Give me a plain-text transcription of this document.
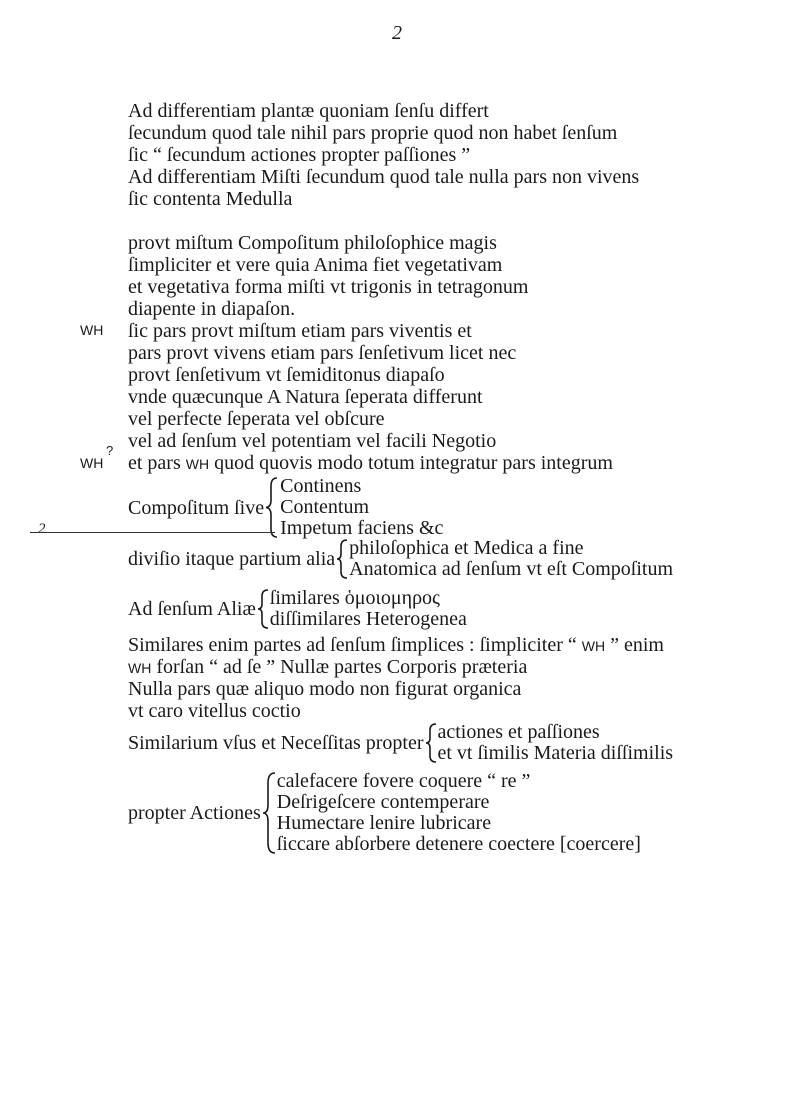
2
Ad differentiam plantæ quoniam ſenſu differt
ſecundum quod tale nihil pars proprie quod non habet ſenſum
ſic “ ſecundum actiones propter paſſiones ”
Ad differentiam Miſti ſecundum quod tale nulla pars non vivens
ſic contenta Medulla
provt miſtum Compoſitum philoſophice magis
ſimpliciter et vere quia Anima fiet vegetativam
et vegetativa forma miſti vt trigonis in tetragonum
diapente in diapaſon.
ſic pars provt miſtum etiam pars viventis et
pars provt vivens etiam pars ſenſetivum licet nec
provt ſenſetivum vt ſemiditonus diapaſo
vnde quæcunque A Natura ſeperata differunt
vel perfecte ſeperata vel obſcure
vel ad ſenſum vel potentiam vel facili Negotio
et pars WH quod quovis modo totum integratur pars integrum
WH
WH
?
2
Compoſitum ſive
Continens
Contentum
Impetum faciens &c
diviſio itaque partium alia philoſophica et Medica a fine
Anatomica ad ſenſum vt eſt Compoſitum
Ad ſenſum Aliæ ſimilares ὁμοιομηρος
diſſimilares Heterogenea
Similares enim partes ad ſenſum ſimplices : ſimpliciter “ WH ” enim
WH forſan “ ad ſe ” Nullæ partes Corporis præteria
Nulla pars quæ aliquo modo non figurat organica
vt caro vitellus coctio
Similarium vſus et Neceſſitas propter actiones et paſſiones
et vt ſimilis Materia diſſimilis
propter Actiones
calefacere fovere coquere “ re ”
Deſrigeſcere contemperare
Humectare lenire lubricare
ſiccare abſorbere detenere coectere [coercere]
